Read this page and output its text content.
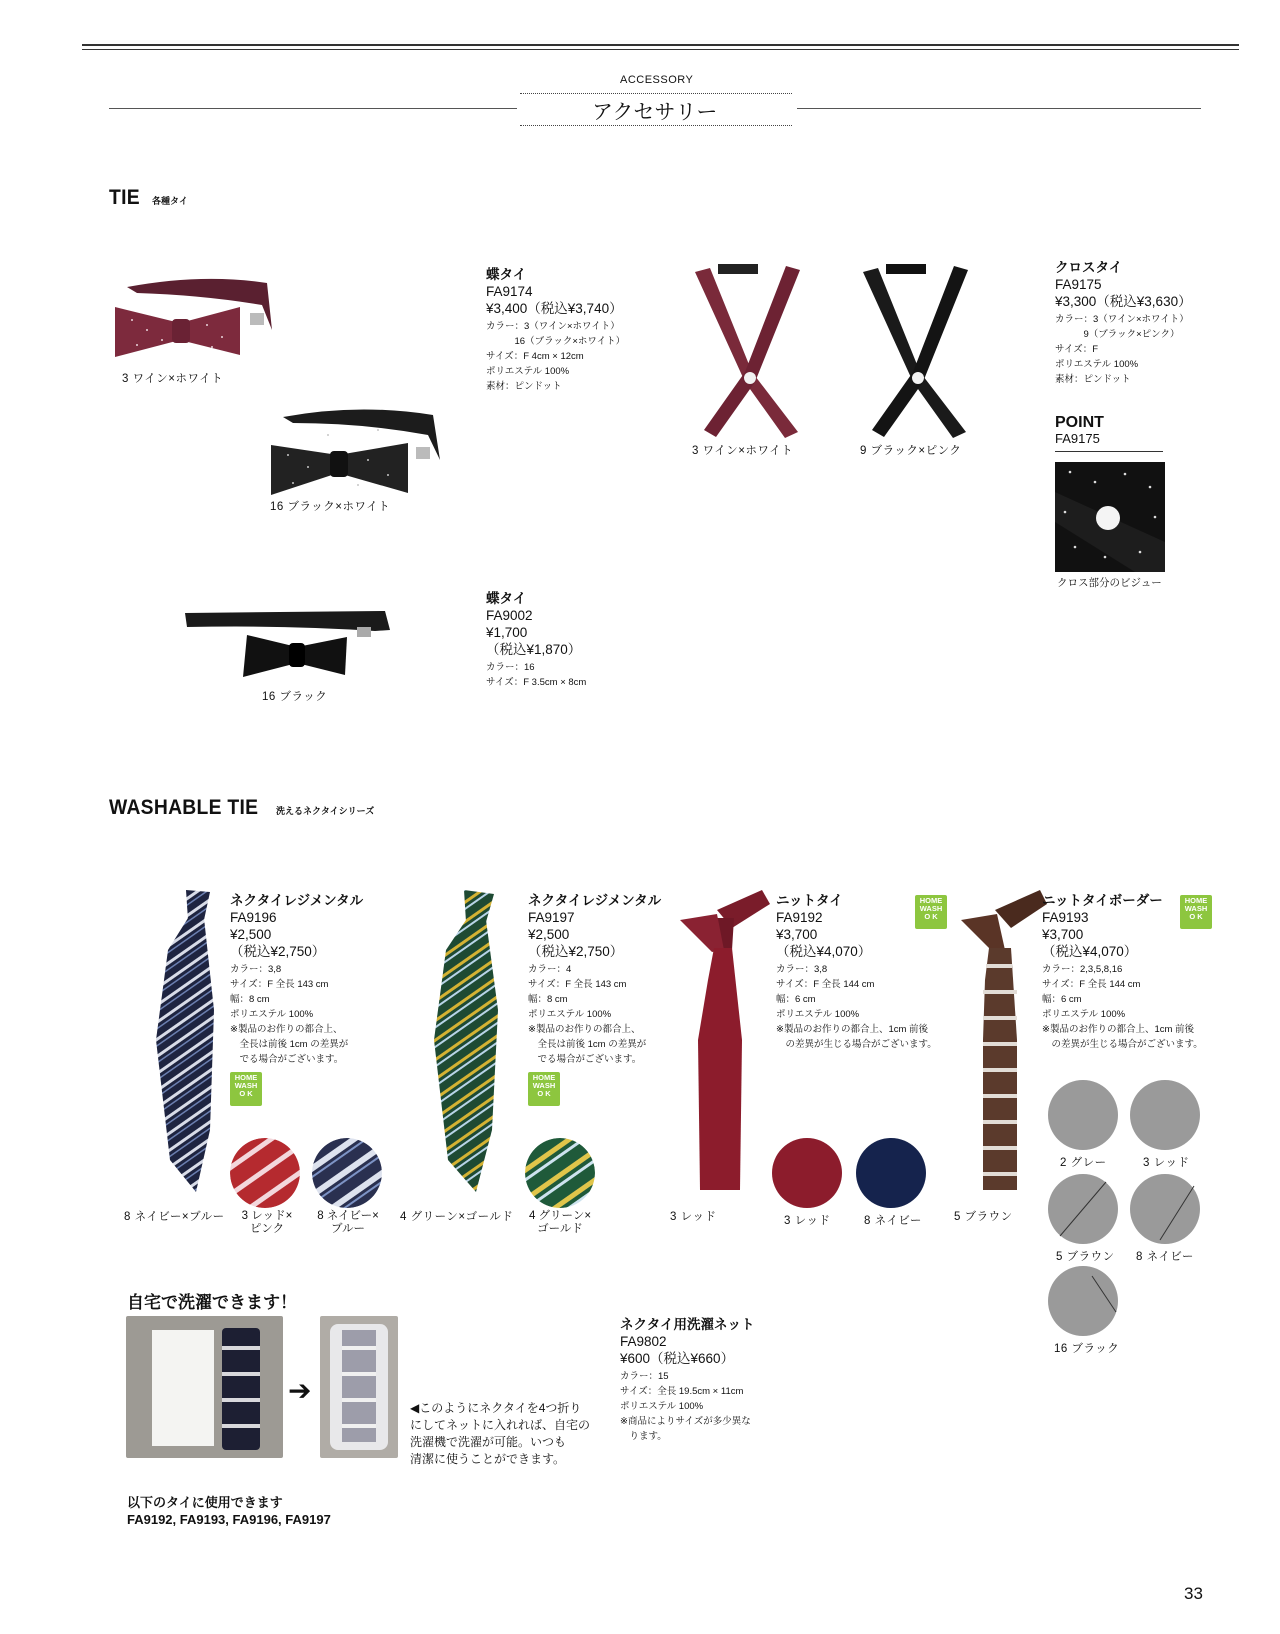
ACCESSORY
アクセサリー
TIE 各種タイ
3 ワイン×ホワイト
16 ブラック×ホワイト
蝶タイ
FA9174
¥3,400（税込¥3,740）
カラー：3（ワイン×ホワイト）
　　　16（ブラック×ホワイト）
サイズ：F 4cm × 12cm
ポリエステル 100%
素材：ピンドット
16 ブラック
蝶タイ
FA9002
¥1,700
（税込¥1,870）
カラー：16
サイズ：F 3.5cm × 8cm
3 ワイン×ホワイト	9 ブラック×ピンク
クロスタイ
FA9175
¥3,300（税込¥3,630）
カラー：3（ワイン×ホワイト）
　　　9（ブラック×ピンク）
サイズ：F
ポリエステル 100%
素材：ピンドット
POINT
FA9175
クロス部分のビジュー
WASHABLE TIE 洗えるネクタイシリーズ
8 ネイビー×ブルー
ネクタイレジメンタル
FA9196
¥2,500
（税込¥2,750）
カラー：3,8
サイズ：F 全長 143 cm
幅：8 cm
ポリエステル 100%
※製品のお作りの都合上、
　全長は前後 1cm の差異が
　でる場合がございます。
HOME
WASH
O K
3 レッド×
ピンク
8 ネイビー×
ブルー
4 グリーン×ゴールド
ネクタイレジメンタル
FA9197
¥2,500
（税込¥2,750）
カラー：4
サイズ：F 全長 143 cm
幅：8 cm
ポリエステル 100%
※製品のお作りの都合上、
　全長は前後 1cm の差異が
　でる場合がございます。
HOME
WASH
O K
4 グリーン×
ゴールド
3 レッド
ニットタイ
FA9192
¥3,700
（税込¥4,070）
カラー：3,8
サイズ：F 全長 144 cm
幅：6 cm
ポリエステル 100%
※製品のお作りの都合上、1cm 前後
　の差異が生じる場合がございます。
HOME
WASH
O K
3 レッド	8 ネイビー	5 ブラウン
ニットタイボーダー
FA9193
¥3,700
（税込¥4,070）
カラー：2,3,5,8,16
サイズ：F 全長 144 cm
幅：6 cm
ポリエステル 100%
※製品のお作りの都合上、1cm 前後
　の差異が生じる場合がございます。
HOME
WASH
O K
2 グレー	3 レッド
5 ブラウン 8 ネイビー
16 ブラック
自宅で洗濯できます！
➔
◀このようにネクタイを4つ折り
にしてネットに入れれば、自宅の
洗濯機で洗濯が可能。いつも
清潔に使うことができます。
以下のタイに使用できます
FA9192, FA9193, FA9196, FA9197
ネクタイ用洗濯ネット
FA9802
¥600（税込¥660）
カラー：15
サイズ：全長 19.5cm × 11cm
ポリエステル 100%
※商品によりサイズが多少異な
　ります。
33
